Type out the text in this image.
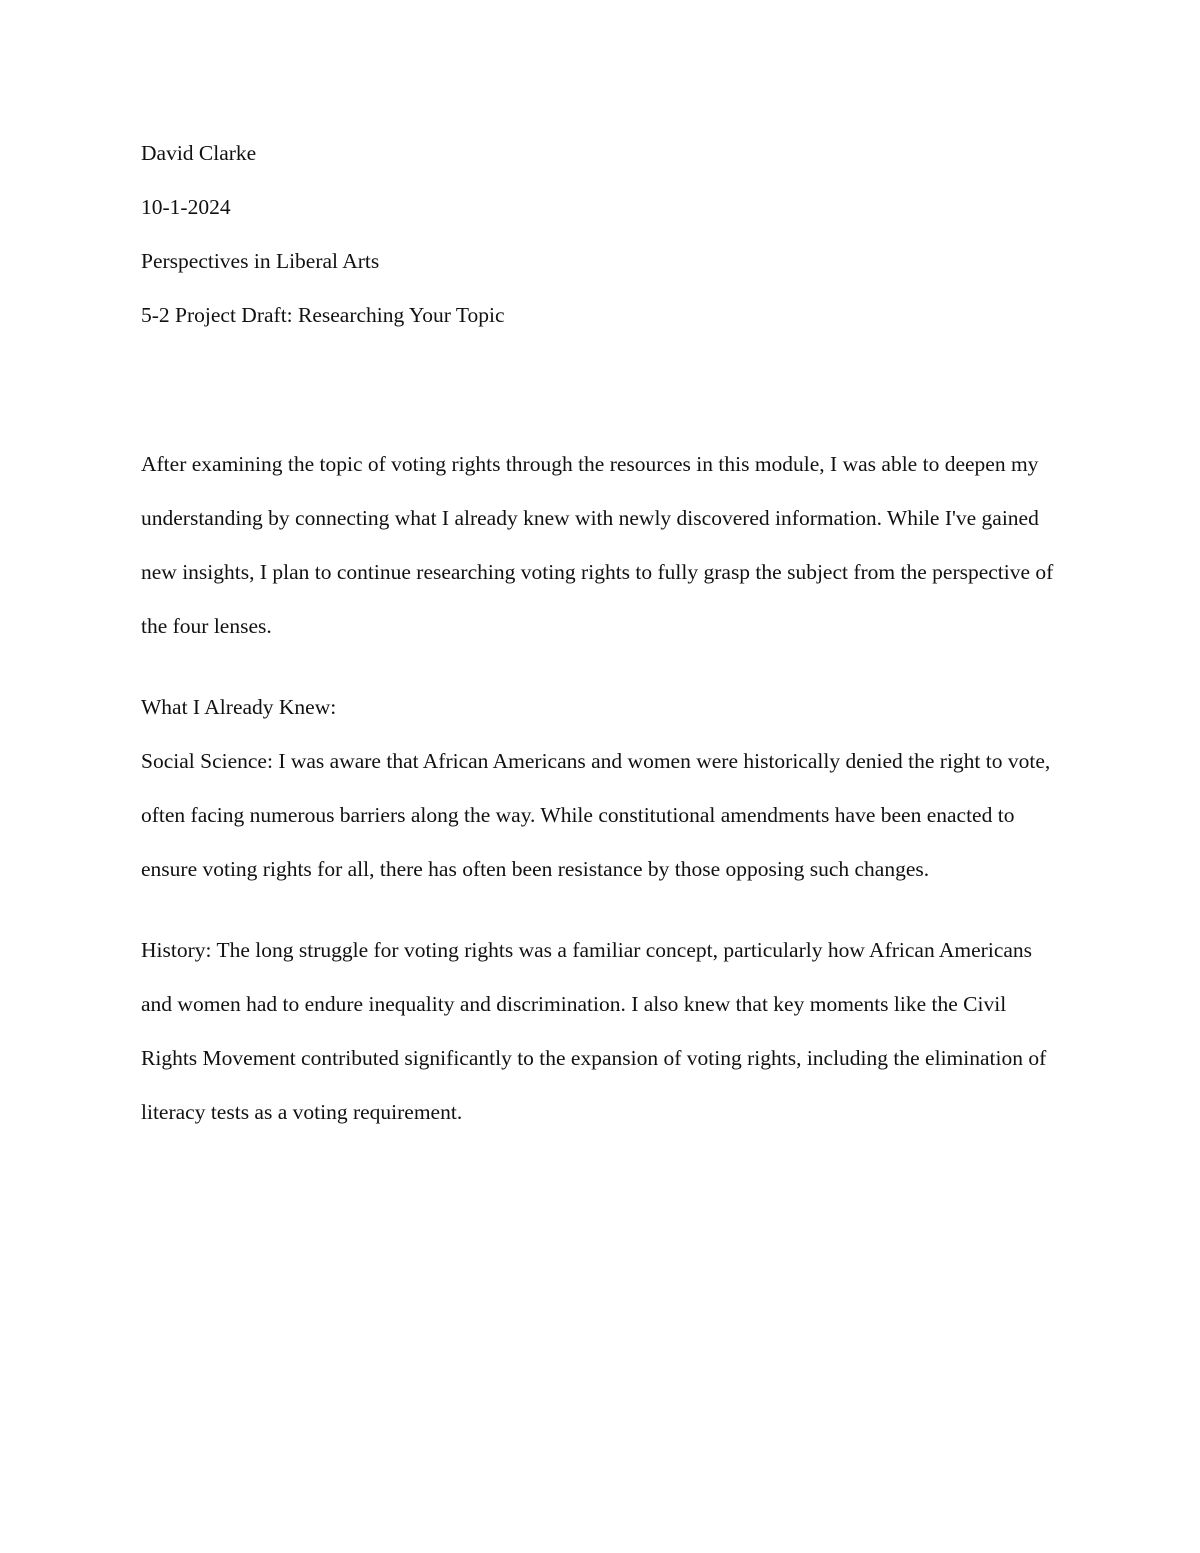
David Clarke

10-1-2024

Perspectives in Liberal Arts

5-2 Project Draft: Researching Your Topic

After examining the topic of voting rights through the resources in this module, I was able to deepen my understanding by connecting what I already knew with newly discovered information. While I've gained new insights, I plan to continue researching voting rights to fully grasp the subject from the perspective of the four lenses.

What I Already Knew:

Social Science: I was aware that African Americans and women were historically denied the right to vote, often facing numerous barriers along the way. While constitutional amendments have been enacted to ensure voting rights for all, there has often been resistance by those opposing such changes.

History: The long struggle for voting rights was a familiar concept, particularly how African Americans and women had to endure inequality and discrimination. I also knew that key moments like the Civil Rights Movement contributed significantly to the expansion of voting rights, including the elimination of literacy tests as a voting requirement.
